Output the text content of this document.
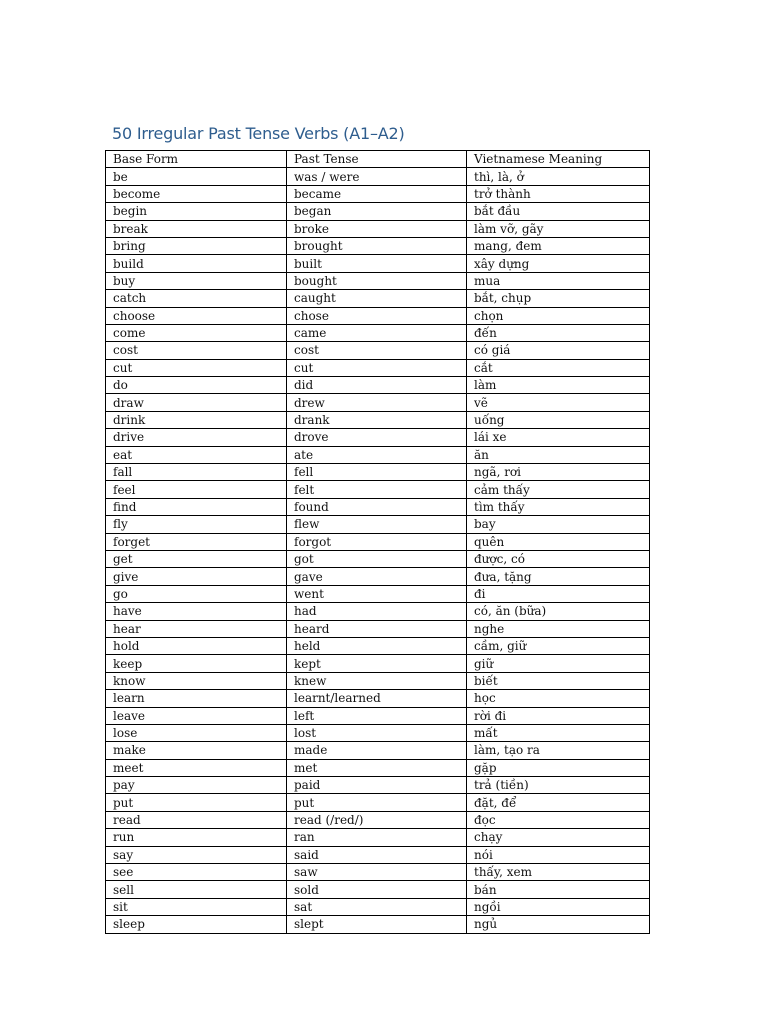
50 Irregular Past Tense Verbs (A1–A2)
Base Form	Past Tense	Vietnamese Meaning
be	was / were	thì, là, ở
become	became	trở thành
begin	began	bắt đầu
break	broke	làm vỡ, gãy
bring	brought	mang, đem
build	built	xây dựng
buy	bought	mua
catch	caught	bắt, chụp
choose	chose	chọn
come	came	đến
cost	cost	có giá
cut	cut	cắt
do	did	làm
draw	drew	vẽ
drink	drank	uống
drive	drove	lái xe
eat	ate	ăn
fall	fell	ngã, rơi
feel	felt	cảm thấy
find	found	tìm thấy
fly	flew	bay
forget	forgot	quên
get	got	được, có
give	gave	đưa, tặng
go	went	đi
have	had	có, ăn (bữa)
hear	heard	nghe
hold	held	cầm, giữ
keep	kept	giữ
know	knew	biết
learn	learnt/learned	học
leave	left	rời đi
lose	lost	mất
make	made	làm, tạo ra
meet	met	gặp
pay	paid	trả (tiền)
put	put	đặt, để
read	read (/red/)	đọc
run	ran	chạy
say	said	nói
see	saw	thấy, xem
sell	sold	bán
sit	sat	ngồi
sleep	slept	ngủ
